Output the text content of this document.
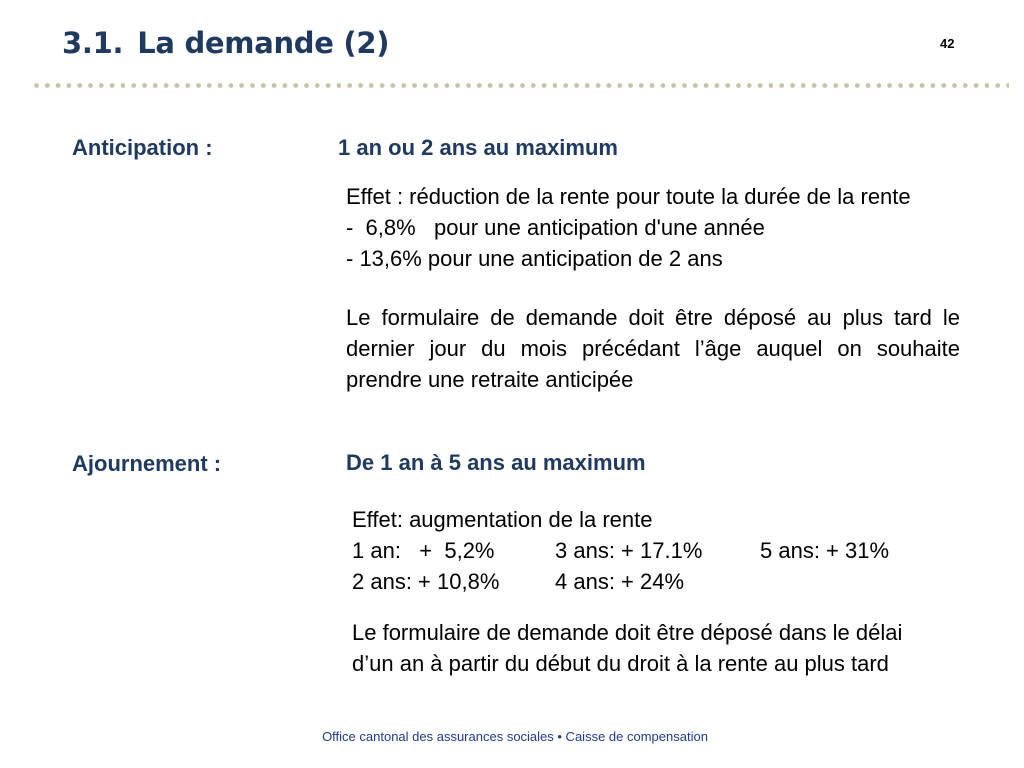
3.1. La demande (2)	42
Anticipation :	1 an ou 2 ans au maximum
Effet : réduction de la rente pour toute la durée de la rente
-  6,8%   pour une anticipation d'une année
- 13,6% pour une anticipation de 2 ans
Le formulaire de demande doit être déposé au plus tard le dernier jour du mois précédant l’âge auquel on souhaite prendre une retraite anticipée
Ajournement :	De 1 an à 5 ans au maximum
Effet: augmentation de la rente
1 an:   +  5,2%	3 ans: + 17.1%	5 ans: + 31%
2 ans: + 10,8%	4 ans: + 24%
Le formulaire de demande doit être déposé dans le délai d’un an à partir du début du droit à la rente au plus tard
Office cantonal des assurances sociales • Caisse de compensation
